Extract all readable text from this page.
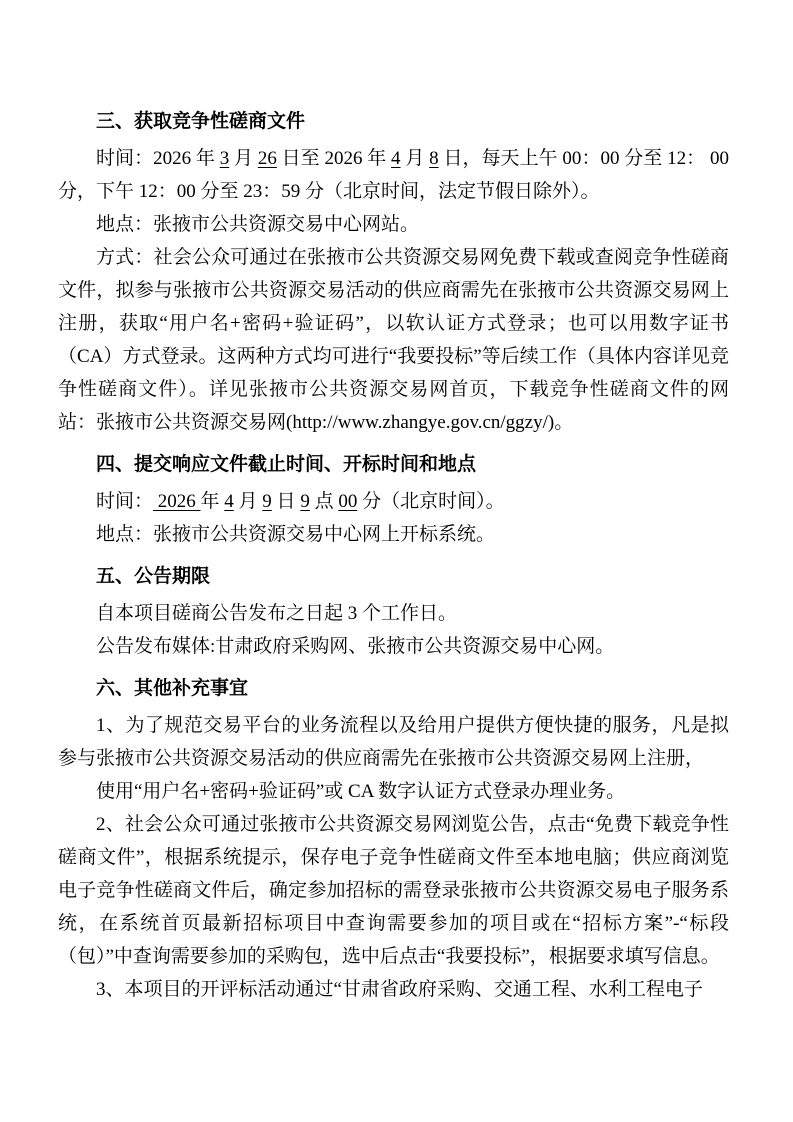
三、获取竞争性磋商文件

时间：2026 年 3 月 26 日至 2026 年 4 月 8 日，每天上午 00：00 分至 12： 00 分，下午 12：00 分至 23：59 分（北京时间，法定节假日除外）。

地点：张掖市公共资源交易中心网站。

方式：社会公众可通过在张掖市公共资源交易网免费下载或查阅竞争性磋商文件，拟参与张掖市公共资源交易活动的供应商需先在张掖市公共资源交易网上注册，获取“用户名+密码+验证码”，以软认证方式登录；也可以用数字证书（CA）方式登录。这两种方式均可进行“我要投标”等后续工作（具体内容详见竞争性磋商文件）。详见张掖市公共资源交易网首页，下载竞争性磋商文件的网站：张掖市公共资源交易网(http://www.zhangye.gov.cn/ggzy/)。

四、提交响应文件截止时间、开标时间和地点

时间： 2026 年 4 月 9 日 9 点 00 分（北京时间）。

地点：张掖市公共资源交易中心网上开标系统。

五、公告期限

自本项目磋商公告发布之日起 3 个工作日。

公告发布媒体:甘肃政府采购网、张掖市公共资源交易中心网。

六、其他补充事宜

1、为了规范交易平台的业务流程以及给用户提供方便快捷的服务，凡是拟参与张掖市公共资源交易活动的供应商需先在张掖市公共资源交易网上注册，

使用“用户名+密码+验证码”或 CA 数字认证方式登录办理业务。

2、社会公众可通过张掖市公共资源交易网浏览公告，点击“免费下载竞争性磋商文件”，根据系统提示，保存电子竞争性磋商文件至本地电脑；供应商浏览电子竞争性磋商文件后，确定参加招标的需登录张掖市公共资源交易电子服务系统，在系统首页最新招标项目中查询需要参加的项目或在“招标方案”-“标段（包）”中查询需要参加的采购包，选中后点击“我要投标”，根据要求填写信息。

3、本项目的开评标活动通过“甘肃省政府采购、交通工程、水利工程电子
